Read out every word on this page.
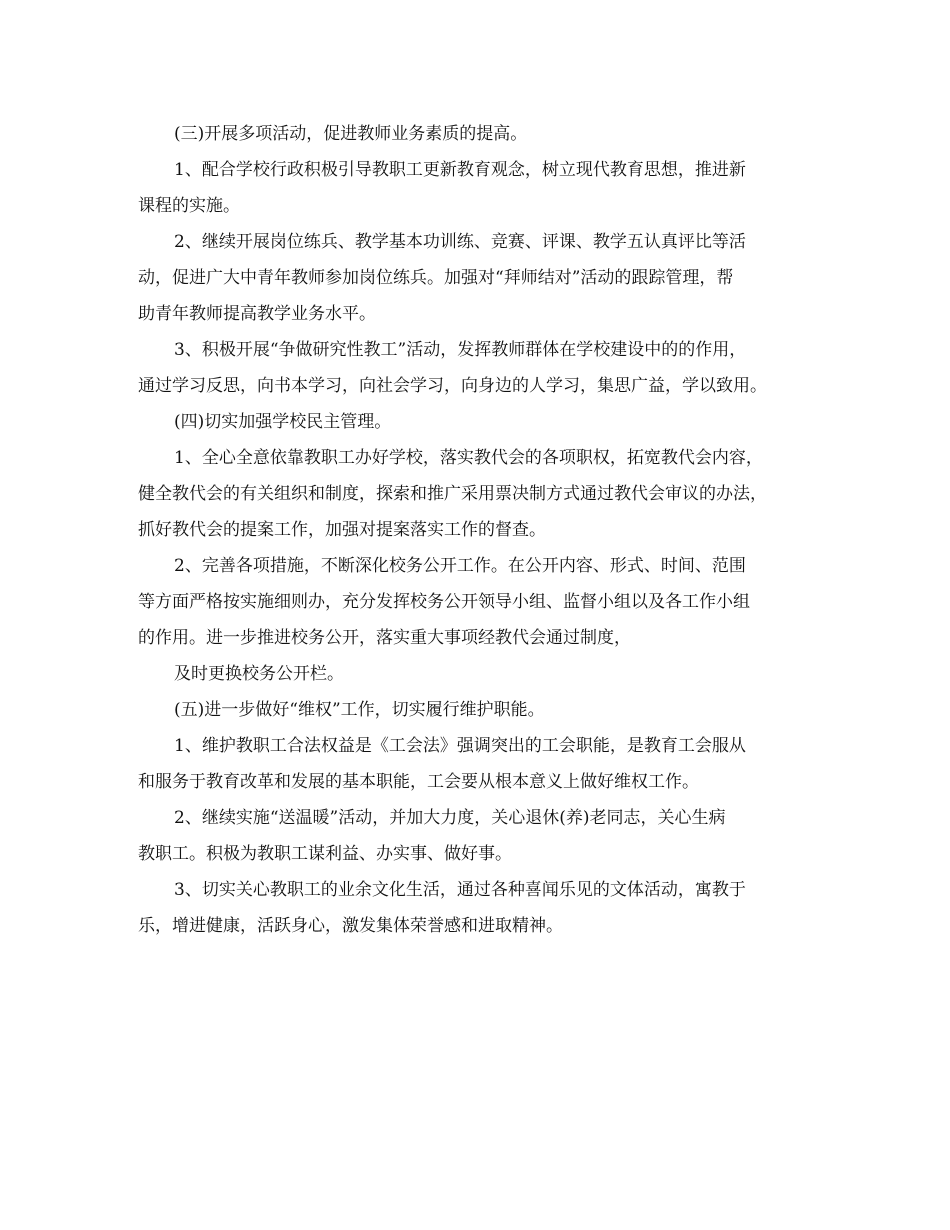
(三)开展多项活动，促进教师业务素质的提高。
1、配合学校行政积极引导教职工更新教育观念，树立现代教育思想，推进新
课程的实施。
2、继续开展岗位练兵、教学基本功训练、竞赛、评课、教学五认真评比等活
动，促进广大中青年教师参加岗位练兵。加强对“拜师结对”活动的跟踪管理，帮
助青年教师提高教学业务水平。
3、积极开展“争做研究性教工”活动，发挥教师群体在学校建设中的的作用，
通过学习反思，向书本学习，向社会学习，向身边的人学习，集思广益，学以致用。
(四)切实加强学校民主管理。
1、全心全意依靠教职工办好学校，落实教代会的各项职权，拓宽教代会内容，
健全教代会的有关组织和制度，探索和推广采用票决制方式通过教代会审议的办法，
抓好教代会的提案工作，加强对提案落实工作的督查。
2、完善各项措施，不断深化校务公开工作。在公开内容、形式、时间、范围
等方面严格按实施细则办，充分发挥校务公开领导小组、监督小组以及各工作小组
的作用。进一步推进校务公开，落实重大事项经教代会通过制度，
及时更换校务公开栏。
(五)进一步做好“维权”工作，切实履行维护职能。
1、维护教职工合法权益是《工会法》强调突出的工会职能，是教育工会服从
和服务于教育改革和发展的基本职能，工会要从根本意义上做好维权工作。
2、继续实施“送温暖”活动，并加大力度，关心退休(养)老同志，关心生病
教职工。积极为教职工谋利益、办实事、做好事。
3、切实关心教职工的业余文化生活，通过各种喜闻乐见的文体活动，寓教于
乐，增进健康，活跃身心，激发集体荣誉感和进取精神。
